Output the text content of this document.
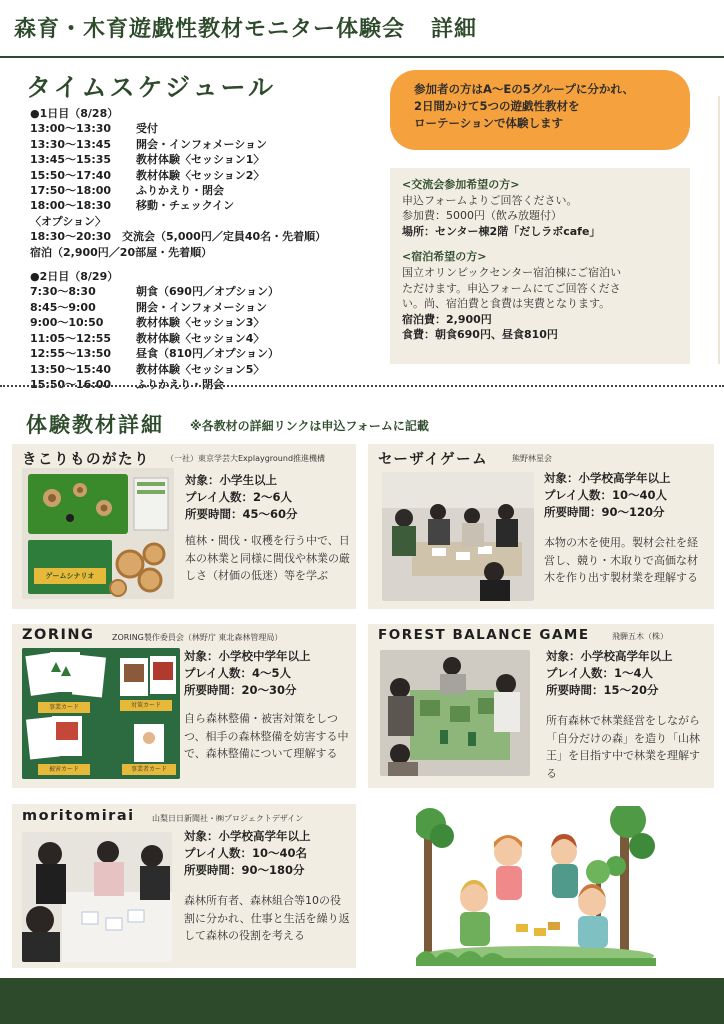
森育・木育遊戯性教材モニター体験会 詳細
タイムスケジュール
●1日目（8/28）
13:00〜13:30	受付
13:30〜13:45	開会・インフォメーション
13:45〜15:35	教材体験〈セッション1〉
15:50〜17:40	教材体験〈セッション2〉
17:50〜18:00	ふりかえり・閉会
18:00〜18:30	移動・チェックイン
〈オプション〉
18:30〜20:30　交流会（5,000円／定員40名・先着順）
宿泊（2,900円／20部屋・先着順）
●2日目（8/29）
7:30〜8:30	朝食（690円／オプション）
8:45〜9:00	開会・インフォメーション
9:00〜10:50	教材体験〈セッション3〉
11:05〜12:55	教材体験〈セッション4〉
12:55〜13:50	昼食（810円／オプション）
13:50〜15:40	教材体験〈セッション5〉
15:50〜16:00	ふりかえり・閉会
参加者の方はA〜Eの5グループに分かれ、
2日間かけて5つの遊戯性教材を
ローテーションで体験します
<交流会参加希望の方>
申込フォームよりご回答ください。
参加費：5000円（飲み放題付）
場所：センター棟2階「だしラボcafe」
<宿泊希望の方>
国立オリンピックセンター宿泊棟にご宿泊い
ただけます。申込フォームにてご回答くださ
い。尚、宿泊費と食費は実費となります。
宿泊費：2,900円
食費：朝食690円、昼食810円
体験教材詳細 ※各教材の詳細リンクは申込フォームに記載
きこりものがたり （一社）東京学芸大Explayground推進機構
ゲームシナリオ
対象：小学生以上
プレイ人数：2〜6人
所要時間：45〜60分
植林・間伐・収穫を行う中で、日本の林業と同様に間伐や林業の厳しさ（材価の低迷）等を学ぶ
セーザイゲーム	熊野林星会
対象：小学校高学年以上
プレイ人数：10〜40人
所要時間：90〜120分
本物の木を使用。製材会社を経営し、競り・木取りで高価な材木を作り出す製材業を理解する
ZORING ZORING製作委員会（林野庁 東北森林管理局）
事業カード	対策カード
被害カード	事業者カード
対象：小学校中学年以上
プレイ人数：4〜5人
所要時間：20〜30分
自ら森林整備・被害対策をしつつ、相手の森林整備を妨害する中で、森林整備について理解する
FOREST BALANCE GAME	飛騨五木（株）
対象：小学校高学年以上
プレイ人数：1〜4人
所要時間：15〜20分
所有森林で林業経営をしながら「自分だけの森」を造り「山林王」を目指す中で林業を理解する
moritomirai 山梨日日新聞社・㈱プロジェクトデザイン
対象：小学校高学年以上
プレイ人数：10〜40名
所要時間：90〜180分
森林所有者、森林組合等10の役割に分かれ、仕事と生活を繰り返して森林の役割を考える
